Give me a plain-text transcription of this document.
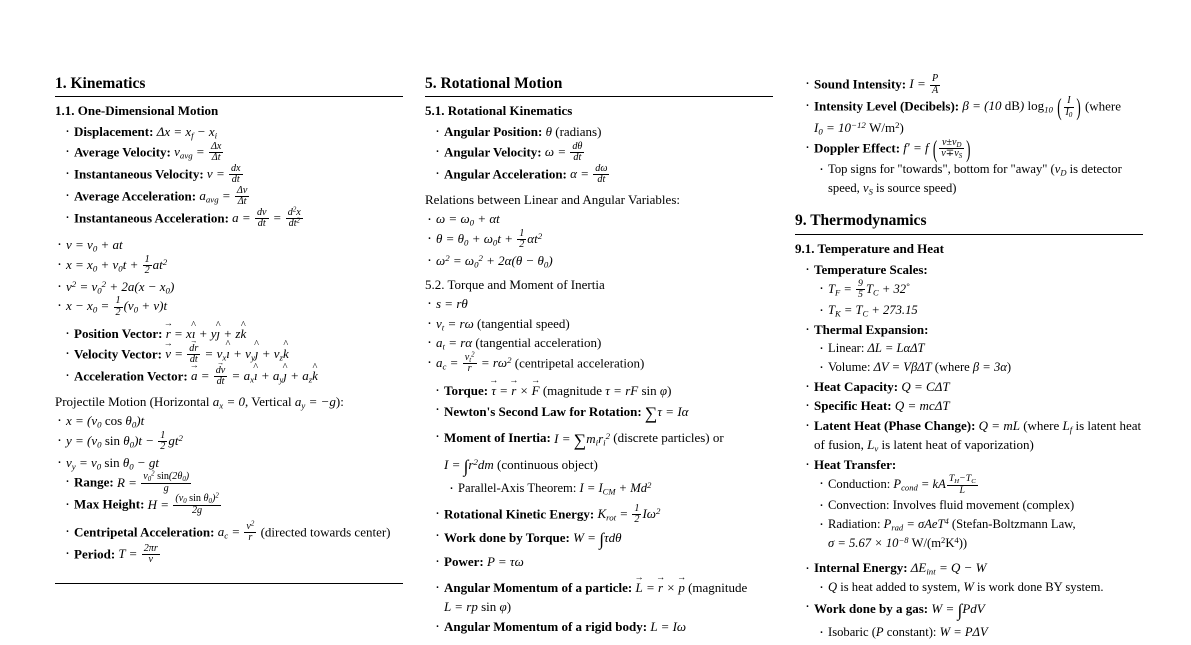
1. Kinematics
1.1. One-Dimensional Motion
· Displacement: $\Delta x = x_f - x_i$
· Average Velocity: $v_{avg} = \frac{\Delta x}{\Delta t}$
· Instantaneous Velocity: $v = \frac{dx}{dt}$
· Average Acceleration: $a_{avg} = \frac{\Delta v}{\Delta t}$
· Instantaneous Acceleration: $a = \frac{dv}{dt} = \frac{d^2x}{dt^2}$

· $v = v_0$ + at
· $x = x_0 + v_0t + \frac{1}{2} at^2$
· $v^2 = v_0^2 + 2a(x - x_0)$
· $x - x_0 = \frac{1}{2} (v_0 + v)t$
· Position Vector: r → = xı ^ + yȷ ^ + zk ^
· Velocity Vector: v → = $\frac{dr \to}{dt}$ = $v_xı$ ^ + $v_yȷ$ ^ + $v_zk$ ^
· Acceleration Vector: a → = $\frac{dv \to}{dt}$ = $a_xı$ ^ + $a_yȷ$ ^ + $a_zk$ ^

Projectile Motion (Horizontal $a_x = 0$, Vertical $a_y = -g$):

· $x = (v_0$ $\cos \theta_0)t$
· $y = (v_0$ $\sin \theta_0)t - \frac{1}{2} gt^2$
· $v_y = v_0$ $\sin \theta_0$ − gt
· Range: $R = \frac{v_0^2 \sin(2\theta_0)}{g}$
· Max Height: $H = \frac{(v_0 \sin \theta_0)^2}{2g}$

· Centripetal Acceleration: $a_c = \frac{v^2}{r}$ (directed towards center)
· Period: $T = \frac{2\pi r}{v}$
5. Rotational Motion
5.1. Rotational Kinematics
· Angular Position: θ (radians)
· Angular Velocity: $\omega = \frac{d\theta}{dt}$
· Angular Acceleration: $\alpha = \frac{d\omega}{dt}$

Relations between Linear and Angular Variables:

· $\omega = \omega_0 + \alpha t$
· $\theta = \theta_0 + \omega_0t + \frac{1}{2} \alpha t^2$
· $\omega^2 = \omega_0^2 + 2\alpha(\theta - \theta_0)$

5.2. Torque and Moment of Inertia

· s = rθ
· $v_t = r\omega$ (tangential speed)
· $a_t = r\alpha$ (tangential acceleration)
· $a_c = \frac{v_t^2}{r} = r\omega^2$ (centripetal acceleration)
· Torque: τ → = r → × F → (magnitude τ = rF sin φ)
· Newton's Second Law for Rotation: ∑τ = Iα
· Moment of Inertia: $I = \sum m_ir_i^2$ (discrete particles) or $I = \int r^2dm$ (continuous object)
· Parallel-Axis Theorem: $I = I_{CM} + Md^2$
· Rotational Kinetic Energy: $K_{rot} = \frac{1}{2} I\omega^2$
· Work done by Torque: W = ∫τdθ
· Power: P = τω
· Angular Momentum of a particle: L → = r → × p → (magnitude L = rp sin φ)
· Angular Momentum of a rigid body: L = Iω
· Sound Intensity: $I = \frac{P}{A}$
· Intensity Level (Decibels): β = (10 dB) $\log_{10}$ ( $\frac{I}{I_0}$ ) (where $I_0 = 10^{-12}$ $W/m^2$)
· Doppler Effect: f′ = f ( $\frac{v\pm v_D}{v\mp v_S}$ )
· Top signs for "towards", bottom for "away" ($v_D$ is detector speed, $v_S$ is source speed)
9. Thermodynamics
9.1. Temperature and Heat
· Temperature Scales:
· $T_F = \frac{9}{5} T_C + 32^\circ$
· $T_K = T_C + 273.15$
· Thermal Expansion:
· Linear: ΔL = LαΔT
· Volume: ΔV = VβΔT (where β = 3α)
· Heat Capacity: Q = CΔT
· Specific Heat: Q = mcΔT
· Latent Heat (Phase Change): Q = mL (where $L_f$ is latent heat of fusion, $L_v$ is latent heat of vaporization)
· Heat Transfer:
· Conduction: $P_{cond}$ = kA $\frac{T_H-T_C}{L}$
· Convection: Involves fluid movement (complex)
· Radiation: $P_{rad} = \sigma AeT^4$ (Stefan-Boltzmann Law, $\sigma = 5.67 \times 10^{-8}$ $W/(m^2K^4)$)
· Internal Energy: $\Delta E_{int} = Q - W$
· Q is heat added to system, W is work done BY system.
· Work done by a gas: W = ∫PdV
· Isobaric (P constant): W = PΔV
